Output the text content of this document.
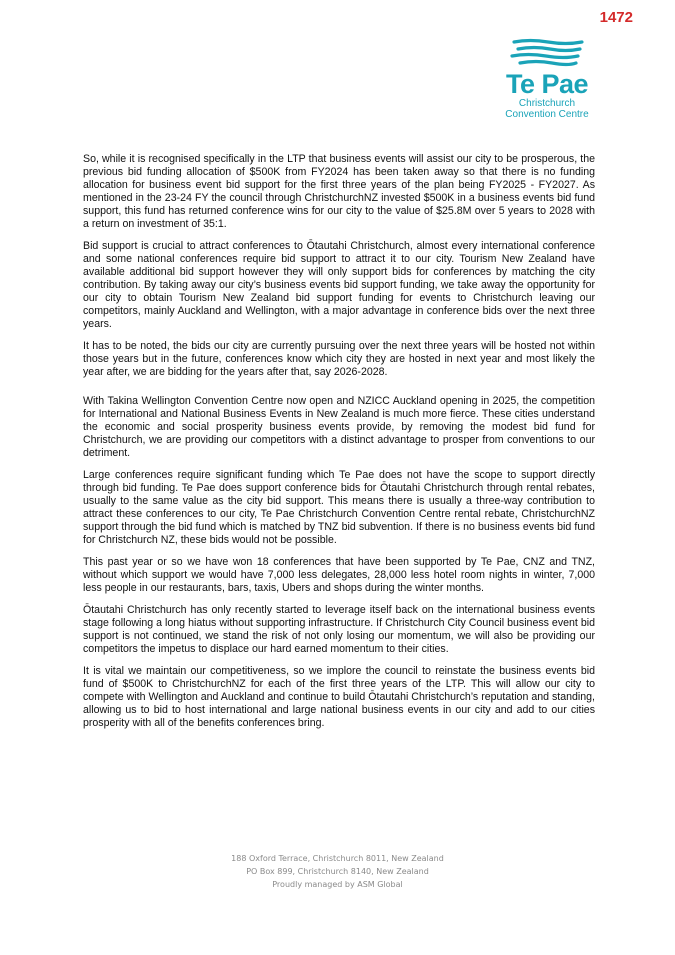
1472
Te Pae
Christchurch
Convention Centre

So, while it is recognised specifically in the LTP that business events will assist our city to be prosperous, the previous bid funding allocation of $500K from FY2024 has been taken away so that there is no funding allocation for business event bid support for the first three years of the plan being FY2025 - FY2027. As mentioned in the 23-24 FY the council through ChristchurchNZ invested $500K in a business events bid fund support, this fund has returned conference wins for our city to the value of $25.8M over 5 years to 2028 with a return on investment of 35:1.

Bid support is crucial to attract conferences to Ōtautahi Christchurch, almost every international conference and some national conferences require bid support to attract it to our city. Tourism New Zealand have available additional bid support however they will only support bids for conferences by matching the city contribution. By taking away our city’s business events bid support funding, we take away the opportunity for our city to obtain Tourism New Zealand bid support funding for events to Christchurch leaving our competitors, mainly Auckland and Wellington, with a major advantage in conference bids over the next three years.

It has to be noted, the bids our city are currently pursuing over the next three years will be hosted not within those years but in the future, conferences know which city they are hosted in next year and most likely the year after, we are bidding for the years after that, say 2026-2028.

With Takina Wellington Convention Centre now open and NZICC Auckland opening in 2025, the competition for International and National Business Events in New Zealand is much more fierce. These cities understand the economic and social prosperity business events provide, by removing the modest bid fund for Christchurch, we are providing our competitors with a distinct advantage to prosper from conventions to our detriment.

Large conferences require significant funding which Te Pae does not have the scope to support directly through bid funding. Te Pae does support conference bids for Ōtautahi Christchurch through rental rebates, usually to the same value as the city bid support. This means there is usually a three-way contribution to attract these conferences to our city, Te Pae Christchurch Convention Centre rental rebate, ChristchurchNZ support through the bid fund which is matched by TNZ bid subvention. If there is no business events bid fund for Christchurch NZ, these bids would not be possible.

This past year or so we have won 18 conferences that have been supported by Te Pae, CNZ and TNZ, without which support we would have 7,000 less delegates, 28,000 less hotel room nights in winter, 7,000 less people in our restaurants, bars, taxis, Ubers and shops during the winter months.

Ōtautahi Christchurch has only recently started to leverage itself back on the international business events stage following a long hiatus without supporting infrastructure. If Christchurch City Council business event bid support is not continued, we stand the risk of not only losing our momentum, we will also be providing our competitors the impetus to displace our hard earned momentum to their cities.

It is vital we maintain our competitiveness, so we implore the council to reinstate the business events bid fund of $500K to ChristchurchNZ for each of the first three years of the LTP. This will allow our city to compete with Wellington and Auckland and continue to build Ōtautahi Christchurch’s reputation and standing, allowing us to bid to host international and large national business events in our city and add to our cities prosperity with all of the benefits conferences bring.

188 Oxford Terrace, Christchurch 8011, New Zealand
PO Box 899, Christchurch 8140, New Zealand
Proudly managed by ASM Global
